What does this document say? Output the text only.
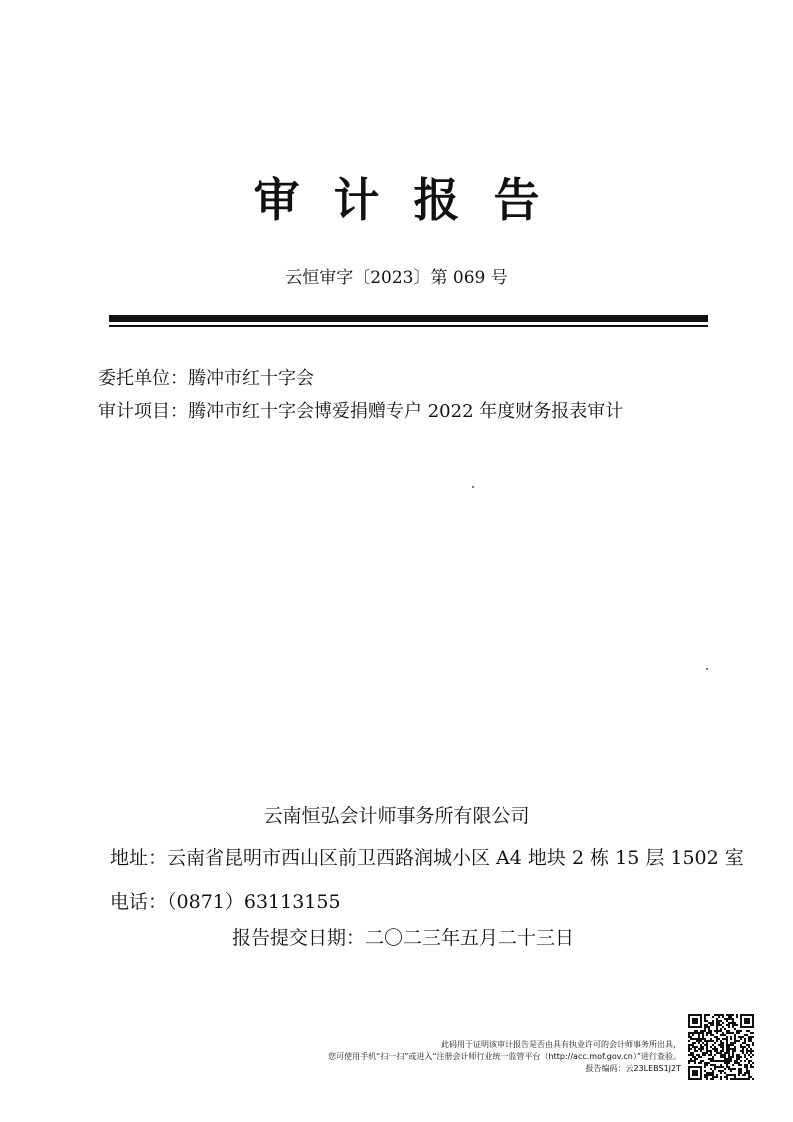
审计报告
云恒审字〔2023〕第 069 号
委托单位：腾冲市红十字会
审计项目：腾冲市红十字会博爱捐赠专户 2022 年度财务报表审计
云南恒弘会计师事务所有限公司
地址：云南省昆明市西山区前卫西路润城小区 A4 地块 2 栋 15 层 1502 室
电话：（0871）63113155
报告提交日期：二〇二三年五月二十三日
此码用于证明该审计报告是否由具有执业许可的会计师事务所出具，
您可使用手机“扫一扫”或进入“注册会计师行业统一监管平台（http://acc.mof.gov.cn）”进行查验。
报告编码：云23LEBS1J2T
